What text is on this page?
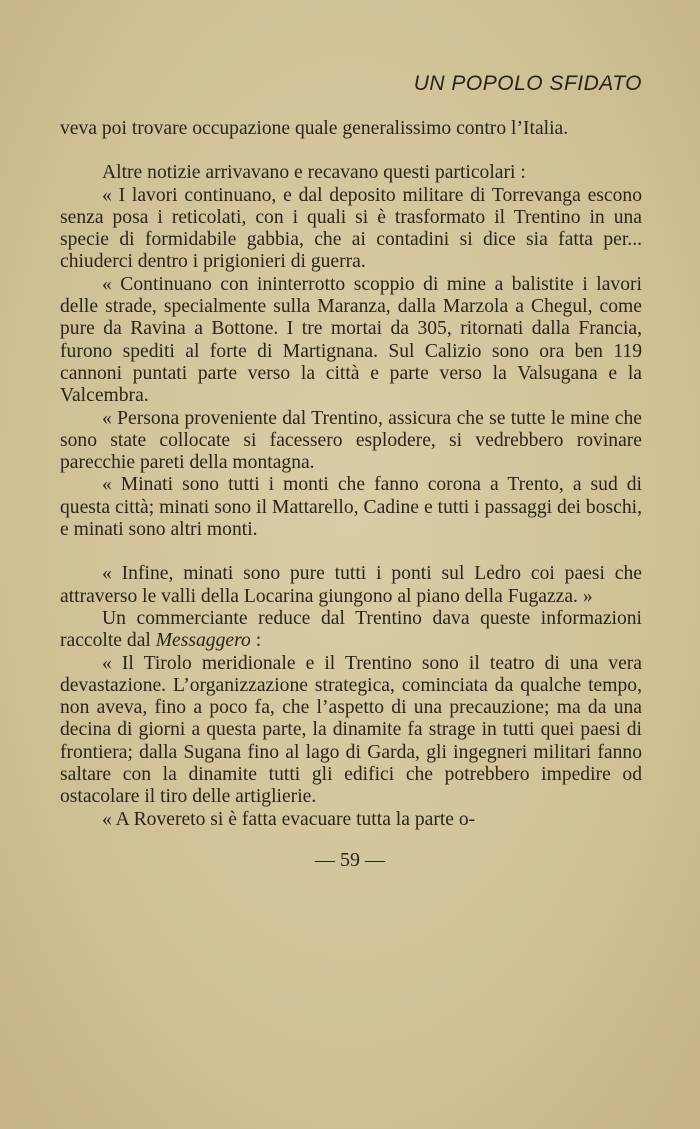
UN POPOLO SFIDATO

veva poi trovare occupazione quale generalissimo contro l’Italia.

Altre notizie arrivavano e recavano questi particolari :

« I lavori continuano, e dal deposito militare di Torrevanga escono senza posa i reticolati, con i quali si è trasformato il Trentino in una specie di formidabile gabbia, che ai contadini si dice sia fatta per... chiuderci dentro i prigionieri di guerra.

« Continuano con ininterrotto scoppio di mine a balistite i lavori delle strade, specialmente sulla Maranza, dalla Marzola a Chegul, come pure da Ravina a Bottone. I tre mortai da 305, ritornati dalla Francia, furono spediti al forte di Martignana. Sul Calizio sono ora ben 119 cannoni puntati parte verso la città e parte verso la Valsugana e la Valcembra.

« Persona proveniente dal Trentino, assicura che se tutte le mine che sono state collocate si facessero esplodere, si vedrebbero rovinare parecchie pareti della montagna.

« Minati sono tutti i monti che fanno corona a Trento, a sud di questa città; minati sono il Mattarello, Cadine e tutti i passaggi dei boschi, e minati sono altri monti.

« Infine, minati sono pure tutti i ponti sul Ledro coi paesi che attraverso le valli della Locarina giungono al piano della Fugazza. »

Un commerciante reduce dal Trentino dava queste informazioni raccolte dal Messaggero :

« Il Tirolo meridionale e il Trentino sono il teatro di una vera devastazione. L’organizzazione strategica, cominciata da qualche tempo, non aveva, fino a poco fa, che l’aspetto di una precauzione; ma da una decina di giorni a questa parte, la dinamite fa strage in tutti quei paesi di frontiera; dalla Sugana fino al lago di Garda, gli ingegneri militari fanno saltare con la dinamite tutti gli edifici che potrebbero impedire od ostacolare il tiro delle artiglierie.

« A Rovereto si è fatta evacuare tutta la parte o-

— 59 —
